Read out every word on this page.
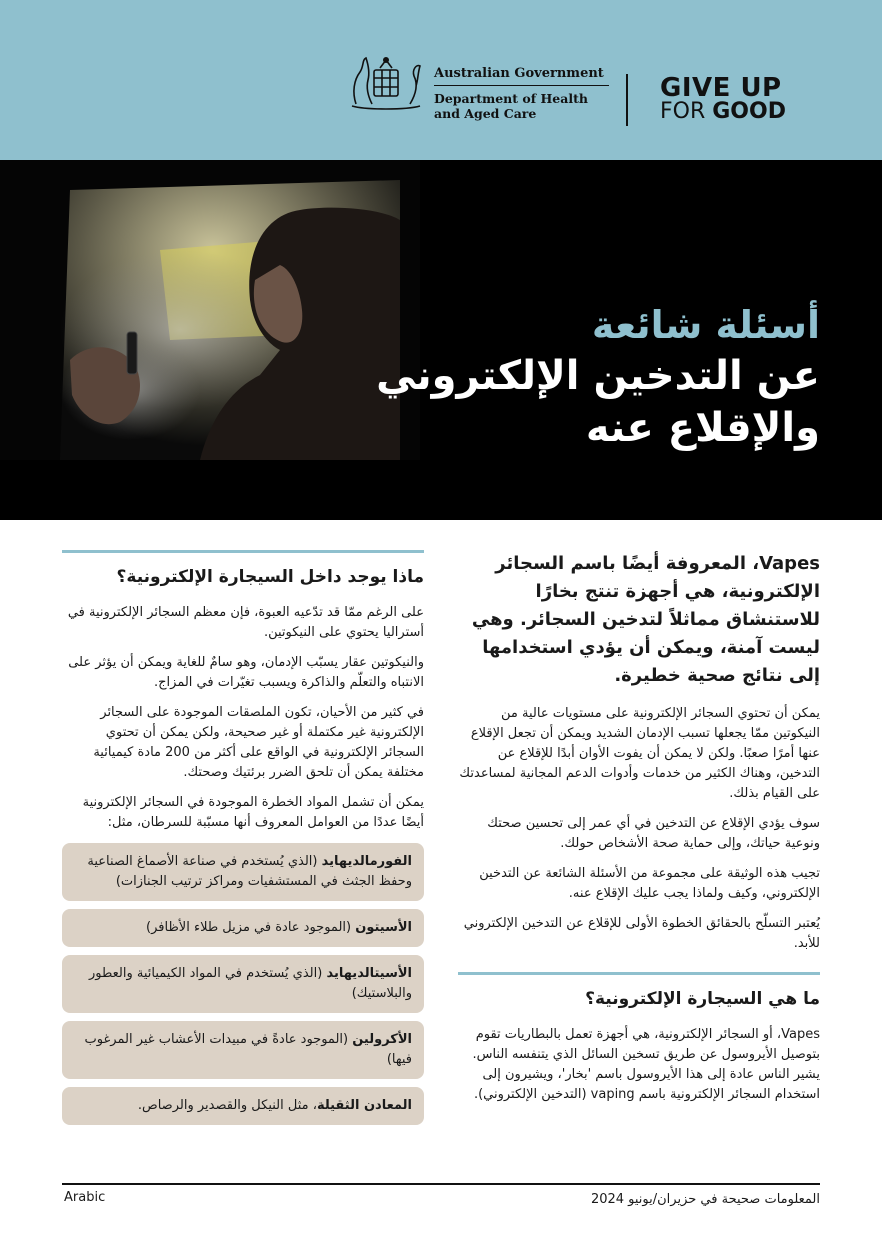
Australian Government
Department of Health
and Aged Care
GIVE UP
FOR GOOD
أسئلة شائعة
عن التدخين الإلكتروني
والإقلاع عنه

Vapes، المعروفة أيضًا باسم السجائر الإلكترونية، هي أجهزة تنتج بخارًا للاستنشاق مماثلاً لتدخين السجائر. وهي ليست آمنة، ويمكن أن يؤدي استخدامها إلى نتائج صحية خطيرة.

يمكن أن تحتوي السجائر الإلكترونية على مستويات عالية من النيكوتين ممّا يجعلها تسبب الإدمان الشديد ويمكن أن تجعل الإقلاع عنها أمرًا صعبًا. ولكن لا يمكن أن يفوت الأوان أبدًا للإقلاع عن التدخين، وهناك الكثير من خدمات وأدوات الدعم المجانية لمساعدتك على القيام بذلك.

سوف يؤدي الإقلاع عن التدخين في أي عمر إلى تحسين صحتك ونوعية حياتك، وإلى حماية صحة الأشخاص حولك.

تجيب هذه الوثيقة على مجموعة من الأسئلة الشائعة عن التدخين الإلكتروني، وكيف ولماذا يجب عليك الإقلاع عنه.

يُعتبر التسلّح بالحقائق الخطوة الأولى للإقلاع عن التدخين الإلكتروني للأبد.

ما هي السيجارة الإلكترونية؟

Vapes، أو السجائر الإلكترونية، هي أجهزة تعمل بالبطاريات تقوم بتوصيل الأيروسول عن طريق تسخين السائل الذي يتنفسه الناس. يشير الناس عادة إلى هذا الأيروسول باسم 'بخار'، ويشيرون إلى استخدام السجائر الإلكترونية باسم vaping (التدخين الإلكتروني).

ماذا يوجد داخل السيجارة الإلكترونية؟

على الرغم ممّا قد تدّعيه العبوة، فإن معظم السجائر الإلكترونية في أستراليا يحتوي على النيكوتين.

والنيكوتين عقار يسبّب الإدمان، وهو سامٌ للغاية ويمكن أن يؤثر على الانتباه والتعلّم والذاكرة ويسبب تغيّرات في المزاج.

في كثير من الأحيان، تكون الملصقات الموجودة على السجائر الإلكترونية غير مكتملة أو غير صحيحة، ولكن يمكن أن تحتوي السجائر الإلكترونية في الواقع على أكثر من 200 مادة كيميائية مختلفة يمكن أن تلحق الضرر برئتيك وصحتك.

يمكن أن تشمل المواد الخطرة الموجودة في السجائر الإلكترونية أيضًا عددًا من العوامل المعروف أنها مسبّبة للسرطان، مثل:

الفورمالديهايد (الذي يُستخدم في صناعة الأصماغ الصناعية وحفظ الجثث في المستشفيات ومراكز ترتيب الجنازات)
الأسيتون (الموجود عادة في مزيل طلاء الأظافر)
الأسيتالديهايد (الذي يُستخدم في المواد الكيميائية والعطور والبلاستيك)
الأكرولين (الموجود عادةً في مبيدات الأعشاب غير المرغوب فيها)
المعادن الثقيلة، مثل النيكل والقصدير والرصاص.
Arabic	المعلومات صحيحة في حزيران/يونيو 2024
